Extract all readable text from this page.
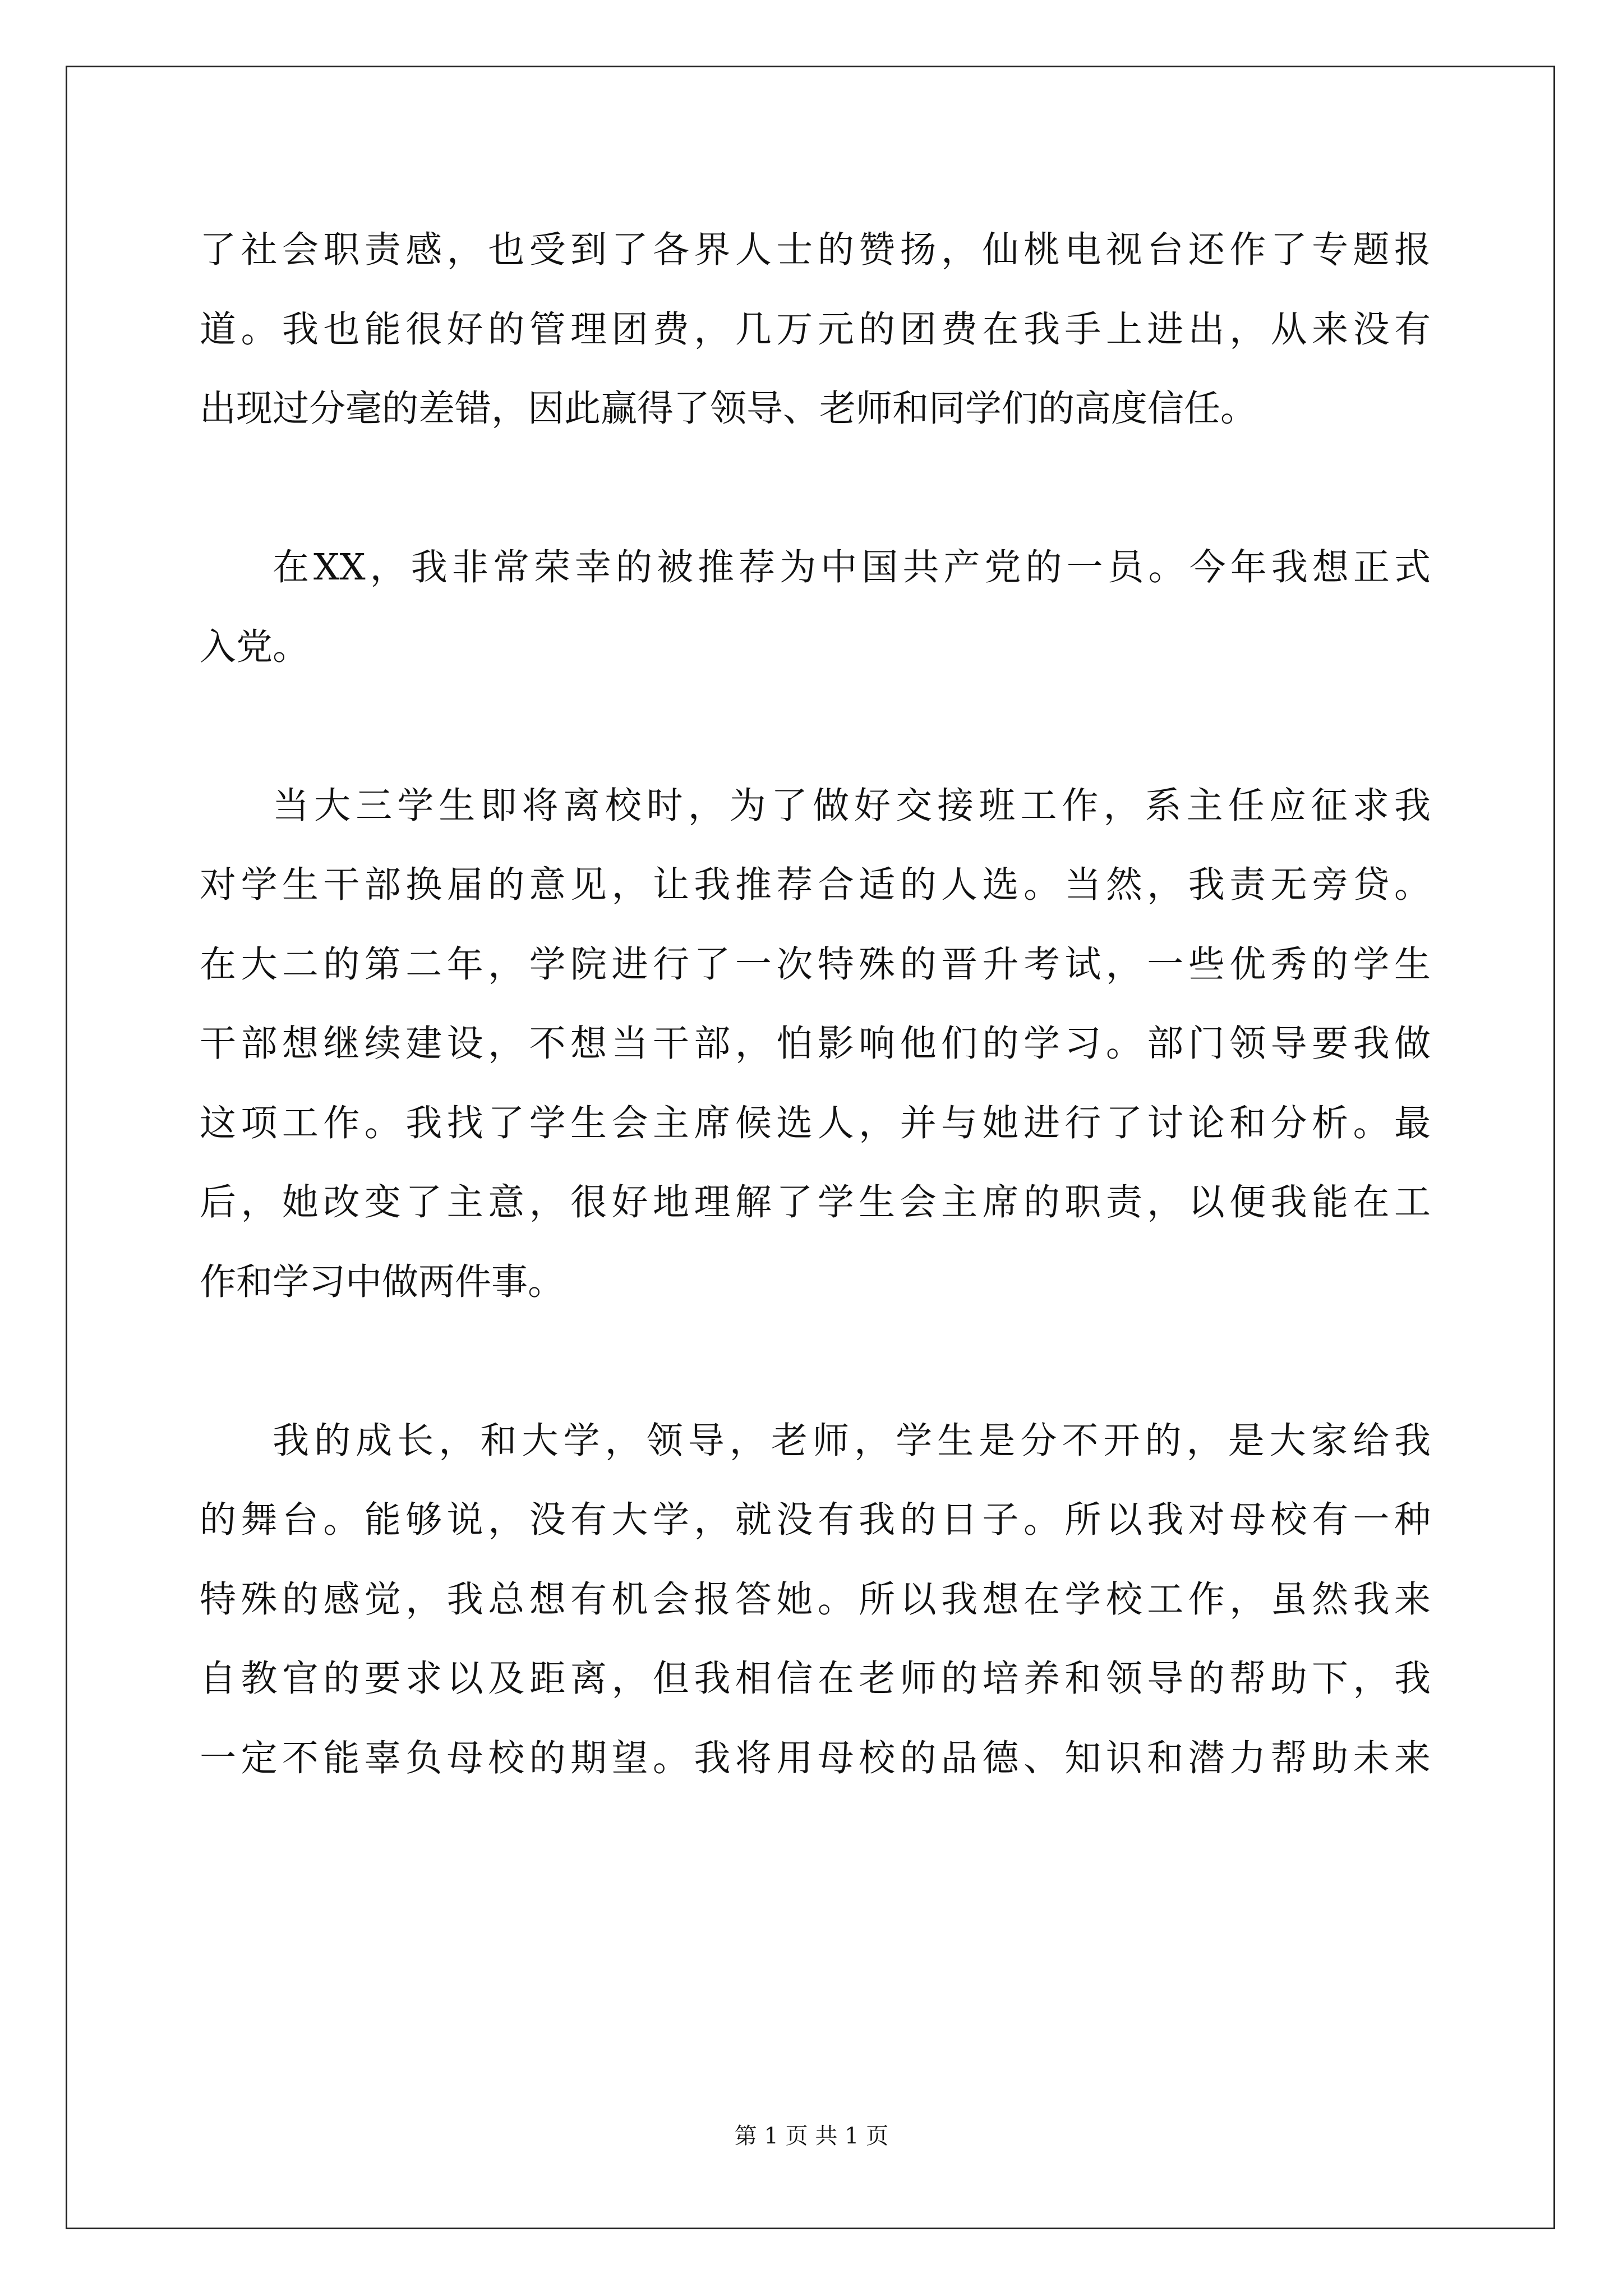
了社会职责感，也受到了各界人士的赞扬，仙桃电视台还作了专题报
道。我也能很好的管理团费，几万元的团费在我手上进出，从来没有
出现过分毫的差错，因此赢得了领导、老师和同学们的高度信任。
在XX，我非常荣幸的被推荐为中国共产党的一员。今年我想正式
入党。
当大三学生即将离校时，为了做好交接班工作，系主任应征求我
对学生干部换届的意见，让我推荐合适的人选。当然，我责无旁贷。
在大二的第二年，学院进行了一次特殊的晋升考试，一些优秀的学生
干部想继续建设，不想当干部，怕影响他们的学习。部门领导要我做
这项工作。我找了学生会主席候选人，并与她进行了讨论和分析。最
后，她改变了主意，很好地理解了学生会主席的职责，以便我能在工
作和学习中做两件事。
我的成长，和大学，领导，老师，学生是分不开的，是大家给我
的舞台。能够说，没有大学，就没有我的日子。所以我对母校有一种
特殊的感觉，我总想有机会报答她。所以我想在学校工作，虽然我来
自教官的要求以及距离，但我相信在老师的培养和领导的帮助下，我
一定不能辜负母校的期望。我将用母校的品德、知识和潜力帮助未来
第 1 页 共 1 页
